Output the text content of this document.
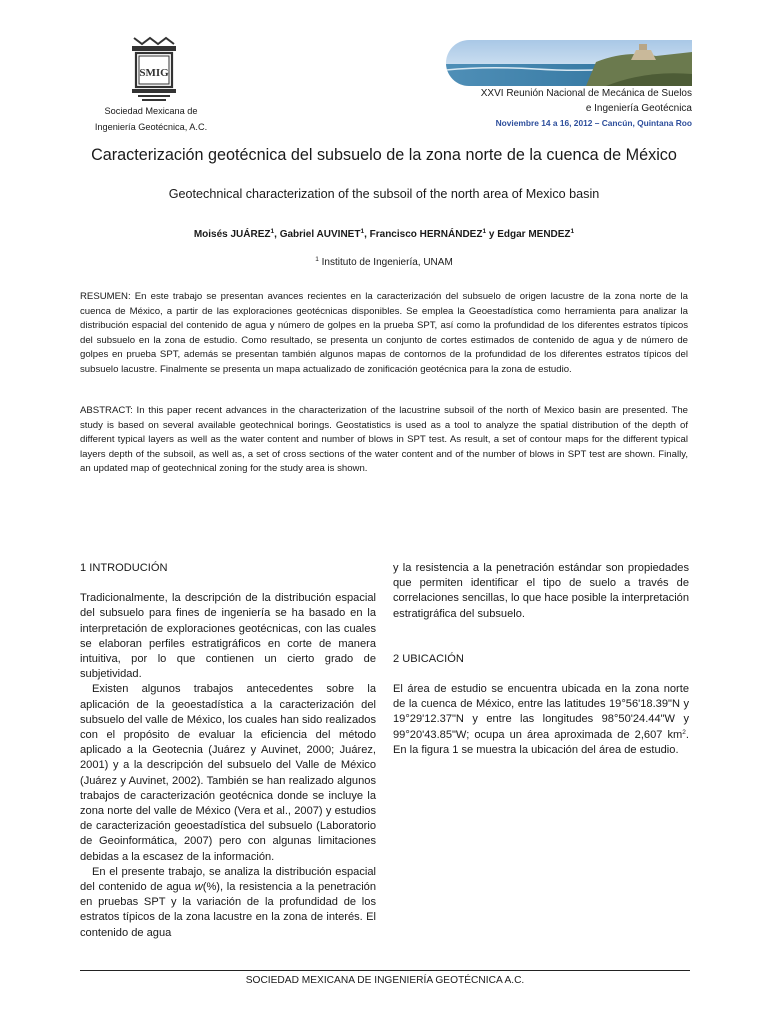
SMIG
Sociedad Mexicana de
Ingeniería Geotécnica, A.C.
XXVI Reunión Nacional de Mecánica de Suelos
e Ingeniería Geotécnica
Noviembre 14 a 16, 2012 – Cancún, Quintana Roo
Caracterización geotécnica del subsuelo de la zona norte de la cuenca de México
Geotechnical characterization of the subsoil of the north area of Mexico basin
Moisés JUÁREZ$^1$, Gabriel AUVINET$^1$, Francisco HERNÁNDEZ$^1$ y Edgar MENDEZ$^1$
$^1$ Instituto de Ingeniería, UNAM

RESUMEN: En este trabajo se presentan avances recientes en la caracterización del subsuelo de origen lacustre de la zona norte de la cuenca de México, a partir de las exploraciones geotécnicas disponibles. Se emplea la Geoestadística como herramienta para analizar la distribución espacial del contenido de agua y número de golpes en la prueba SPT, así como la profundidad de los diferentes estratos típicos del subsuelo en la zona de estudio. Como resultado, se presenta un conjunto de cortes estimados de contenido de agua y de número de golpes en prueba SPT, además se presentan también algunos mapas de contornos de la profundidad de los diferentes estratos típicos del subsuelo lacustre. Finalmente se presenta un mapa actualizado de zonificación geotécnica para la zona de estudio.

ABSTRACT: In this paper recent advances in the characterization of the lacustrine subsoil of the north of Mexico basin are presented. The study is based on several available geotechnical borings. Geostatistics is used as a tool to analyze the spatial distribution of the depth of different typical layers as well as the water content and number of blows in SPT test. As result, a set of contour maps for the different typical layers depth of the subsoil, as well as, a set of cross sections of the water content and of the number of blows in SPT test are shown. Finally, an updated map of geotechnical zoning for the study area is shown.

1 INTRODUCIÓN

Tradicionalmente, la descripción de la distribución espacial del subsuelo para fines de ingeniería se ha basado en la interpretación de exploraciones geotécnicas, con las cuales se elaboran perfiles estratigráficos en corte de manera intuitiva, por lo que contienen un cierto grado de subjetividad.

Existen algunos trabajos antecedentes sobre la aplicación de la geoestadística a la caracterización del subsuelo del valle de México, los cuales han sido realizados con el propósito de evaluar la eficiencia del método aplicado a la Geotecnia (Juárez y Auvinet, 2000; Juárez, 2001) y a la descripción del subsuelo del Valle de México (Juárez y Auvinet, 2002). También se han realizado algunos trabajos de caracterización geotécnica donde se incluye la zona norte del valle de México (Vera et al., 2007) y estudios de caracterización geoestadística del subsuelo (Laboratorio de Geoinformática, 2007) pero con algunas limitaciones debidas a la escasez de la información.

En el presente trabajo, se analiza la distribución espacial del contenido de agua w(%), la resistencia a la penetración en pruebas SPT y la variación de la profundidad de los estratos típicos de la zona lacustre en la zona de interés. El contenido de agua

y la resistencia a la penetración estándar son propiedades que permiten identificar el tipo de suelo a través de correlaciones sencillas, lo que hace posible la interpretación estratigráfica del subsuelo.

2 UBICACIÓN

El área de estudio se encuentra ubicada en la zona norte de la cuenca de México, entre las latitudes 19°56'18.39"N y 19°29'12.37"N y entre las longitudes 98°50'24.44"W y 99°20'43.85"W; ocupa un área aproximada de 2,607 $km^2$. En la figura 1 se muestra la ubicación del área de estudio.

SOCIEDAD MEXICANA DE INGENIERÍA GEOTÉCNICA A.C.
